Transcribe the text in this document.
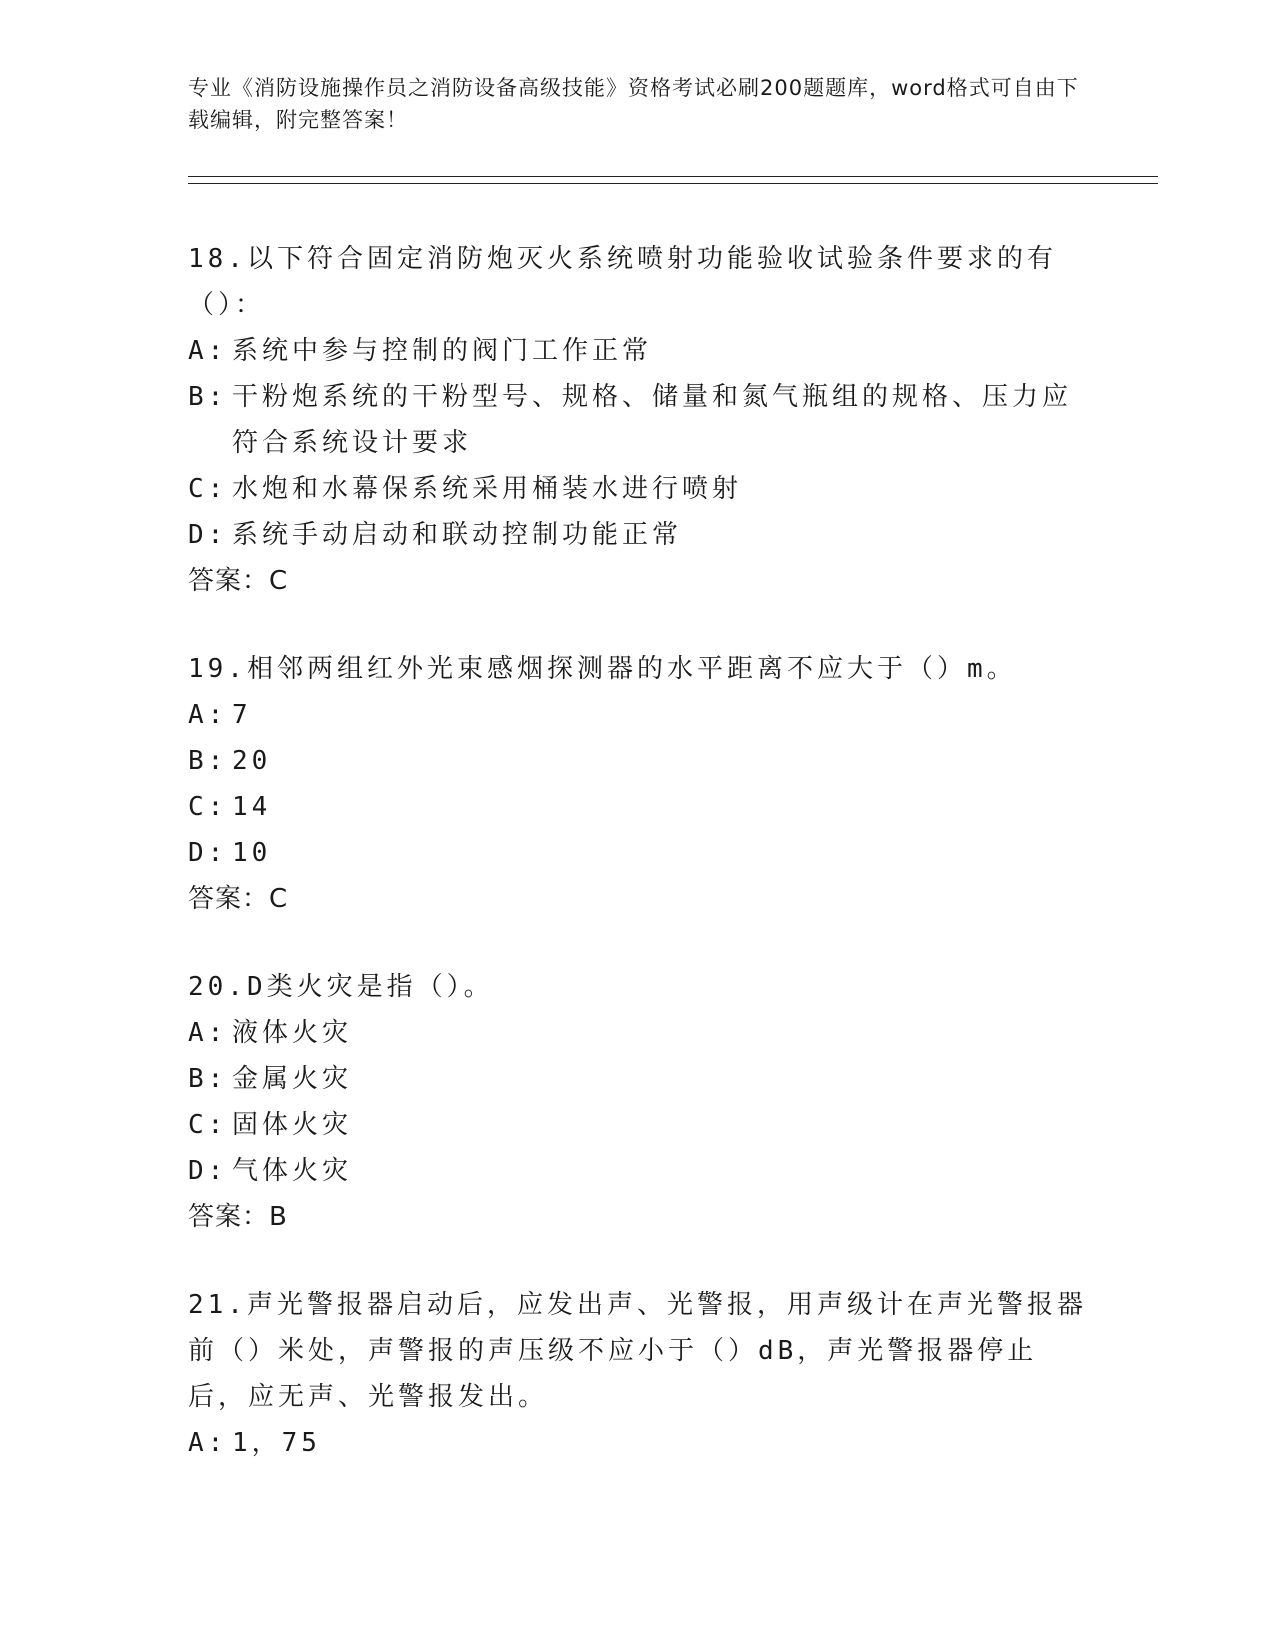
专业《消防设施操作员之消防设备高级技能》资格考试必刷200题题库，word格式可自由下载编辑，附完整答案！
18.以下符合固定消防炮灭火系统喷射功能验收试验条件要求的有（）：
A: 系统中参与控制的阀门工作正常
B: 干粉炮系统的干粉型号、规格、储量和氮气瓶组的规格、压力应符合系统设计要求
C: 水炮和水幕保系统采用桶装水进行喷射
D: 系统手动启动和联动控制功能正常
答案：C
19.相邻两组红外光束感烟探测器的水平距离不应大于（）m。
A: 7
B: 20
C: 14
D: 10
答案：C
20.D类火灾是指（）。
A: 液体火灾
B: 金属火灾
C: 固体火灾
D: 气体火灾
答案：B
21.声光警报器启动后，应发出声、光警报，用声级计在声光警报器前（）米处，声警报的声压级不应小于（）dB，声光警报器停止后，应无声、光警报发出。
A: 1，75
